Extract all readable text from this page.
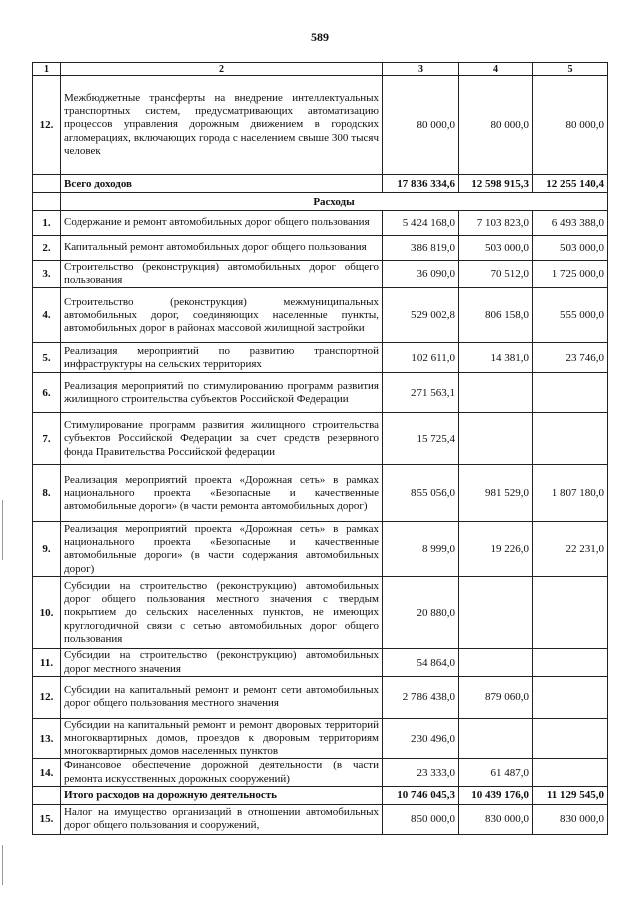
589
1	2	3	4	5
12.	Межбюджетные трансферты на внедрение интеллектуальных транспортных систем, предусматривающих автоматизацию процессов управления дорожным движением в городских агломерациях, включающих города с населением свыше 300 тысяч человек	80 000,0	80 000,0	80 000,0
	Всего доходов	17 836 334,6	12 598 915,3	12 255 140,4
	Расходы			
1.	Содержание и ремонт автомобильных дорог общего пользования	5 424 168,0	7 103 823,0	6 493 388,0
2.	Капитальный ремонт автомобильных дорог общего пользования	386 819,0	503 000,0	503 000,0
3.	Строительство (реконструкция) автомобильных дорог общего пользования	36 090,0	70 512,0	1 725 000,0
4.	Строительство (реконструкция) межмуниципальных автомобильных дорог, соединяющих населенные пункты, автомобильных дорог в районах массовой жилищной застройки	529 002,8	806 158,0	555 000,0
5.	Реализация мероприятий по развитию транспортной инфраструктуры на сельских территориях	102 611,0	14 381,0	23 746,0
6.	Реализация мероприятий по стимулированию программ развития жилищного строительства субъектов Российской Федерации	271 563,1		
7.	Стимулирование программ развития жилищного строительства субъектов Российской Федерации за счет средств резервного фонда Правительства Российской федерации	15 725,4		
8.	Реализация мероприятий проекта «Дорожная сеть» в рамках национального проекта «Безопасные и качественные автомобильные дороги» (в части ремонта автомобильных дорог)	855 056,0	981 529,0	1 807 180,0
9.	Реализация мероприятий проекта «Дорожная сеть» в рамках национального проекта «Безопасные и качественные автомобильные дороги» (в части содержания автомобильных дорог)	8 999,0	19 226,0	22 231,0
10.	Субсидии на строительство (реконструкцию) автомобильных дорог общего пользования местного значения с твердым покрытием до сельских населенных пунктов, не имеющих круглогодичной связи с сетью автомобильных дорог общего пользования	20 880,0		
11.	Субсидии на строительство (реконструкцию) автомобильных дорог местного значения	54 864,0		
12.	Субсидии на капитальный ремонт и ремонт сети автомобильных дорог общего пользования местного значения	2 786 438,0	879 060,0	
13.	Субсидии на капитальный ремонт и ремонт дворовых территорий многоквартирных домов, проездов к дворовым территориям многоквартирных домов населенных пунктов	230 496,0		
14.	Финансовое обеспечение дорожной деятельности (в части ремонта искусственных дорожных сооружений)	23 333,0	61 487,0	
	Итого расходов на дорожную деятельность	10 746 045,3	10 439 176,0	11 129 545,0
15.	Налог на имущество организаций в отношении автомобильных дорог общего пользования и сооружений,	850 000,0	830 000,0	830 000,0
